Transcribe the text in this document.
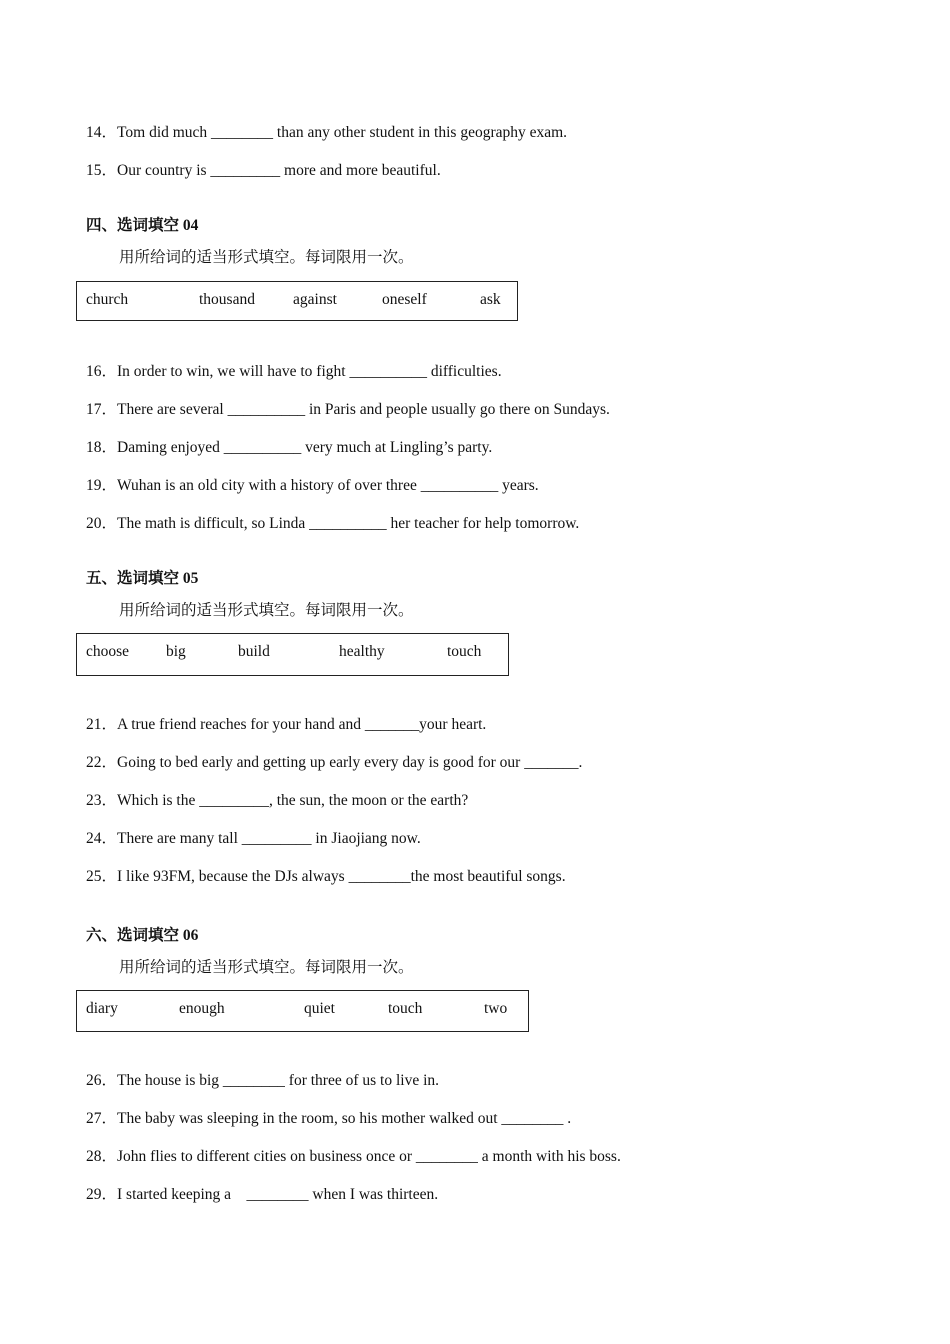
14．Tom did much ________ than any other student in this geography exam.
15．Our country is _________ more and more beautiful.
四、选词填空 04
用所给词的适当形式填空。每词限用一次。
church	thousand against	oneself	ask
16．In order to win, we will have to fight __________ difficulties.
17．There are several __________ in Paris and people usually go there on Sundays.
18．Daming enjoyed __________ very much at Lingling’s party.
19．Wuhan is an old city with a history of over three __________ years.
20．The math is difficult, so Linda __________ her teacher for help tomorrow.
五、选词填空 05
用所给词的适当形式填空。每词限用一次。
choose big	build	healthy	touch
21．A true friend reaches for your hand and _______your heart.
22．Going to bed early and getting up early every day is good for our _______.
23．Which is the _________, the sun, the moon or the earth?
24．There are many tall _________ in Jiaojiang now.
25．I like 93FM, because the DJs always ________the most beautiful songs.
六、选词填空 06
用所给词的适当形式填空。每词限用一次。
diary	enough	quiet	touch	two
26．The house is big ________ for three of us to live in.
27．The baby was sleeping in the room, so his mother walked out ________ .
28．John flies to different cities on business once or ________ a month with his boss.
29．I started keeping a    ________ when I was thirteen.
